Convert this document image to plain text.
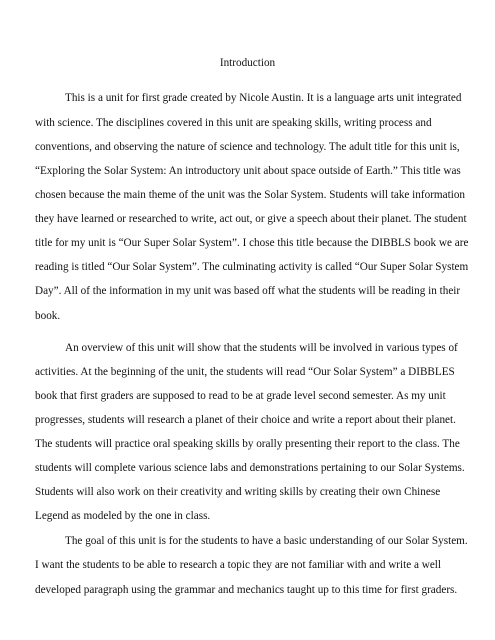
Introduction
This is a unit for first grade created by Nicole Austin. It is a language arts unit integrated
with science. The disciplines covered in this unit are speaking skills, writing process and
conventions, and observing the nature of science and technology. The adult title for this unit is,
“Exploring the Solar System: An introductory unit about space outside of Earth.” This title was
chosen because the main theme of the unit was the Solar System. Students will take information
they have learned or researched to write, act out, or give a speech about their planet. The student
title for my unit is “Our Super Solar System”. I chose this title because the DIBBLS book we are
reading is titled “Our Solar System”. The culminating activity is called “Our Super Solar System
Day”. All of the information in my unit was based off what the students will be reading in their
book.
An overview of this unit will show that the students will be involved in various types of
activities. At the beginning of the unit, the students will read “Our Solar System” a DIBBLES
book that first graders are supposed to read to be at grade level second semester. As my unit
progresses, students will research a planet of their choice and write a report about their planet.
The students will practice oral speaking skills by orally presenting their report to the class. The
students will complete various science labs and demonstrations pertaining to our Solar Systems.
Students will also work on their creativity and writing skills by creating their own Chinese
Legend as modeled by the one in class.
The goal of this unit is for the students to have a basic understanding of our Solar System.
I want the students to be able to research a topic they are not familiar with and write a well
developed paragraph using the grammar and mechanics taught up to this time for first graders.
